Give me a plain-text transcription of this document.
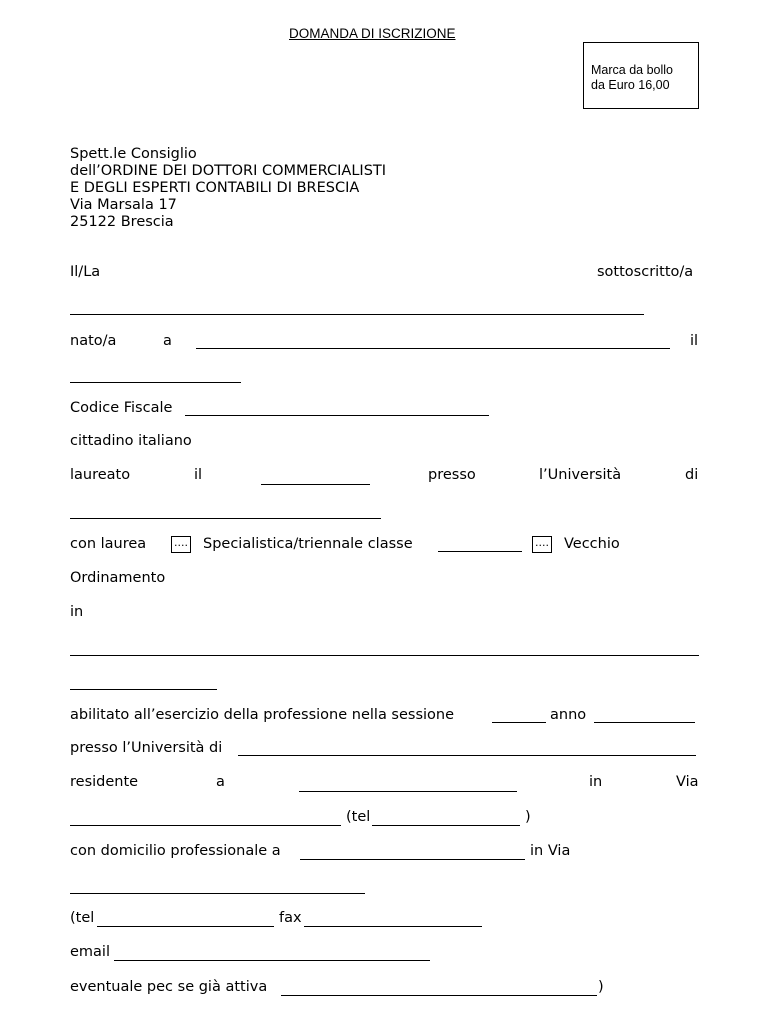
DOMANDA DI ISCRIZIONE
Marca da bollo
da Euro 16,00
Spett.le Consiglio
dell’ORDINE DEI DOTTORI COMMERCIALISTI
E DEGLI ESPERTI CONTABILI DI BRESCIA
Via Marsala 17
25122 Brescia
Il/La	sottoscritto/a
nato/a	a	il
Codice Fiscale
cittadino italiano
laureato	il	presso	l’Università	di
con laurea	.... Specialistica/triennale classe	.... Vecchio
Ordinamento
in
abilitato all’esercizio della professione nella sessione	anno
presso l’Università di
residente	a	in	Via
(tel	)
con domicilio professionale a	in Via
(tel	fax
email
eventuale pec se già attiva	)
